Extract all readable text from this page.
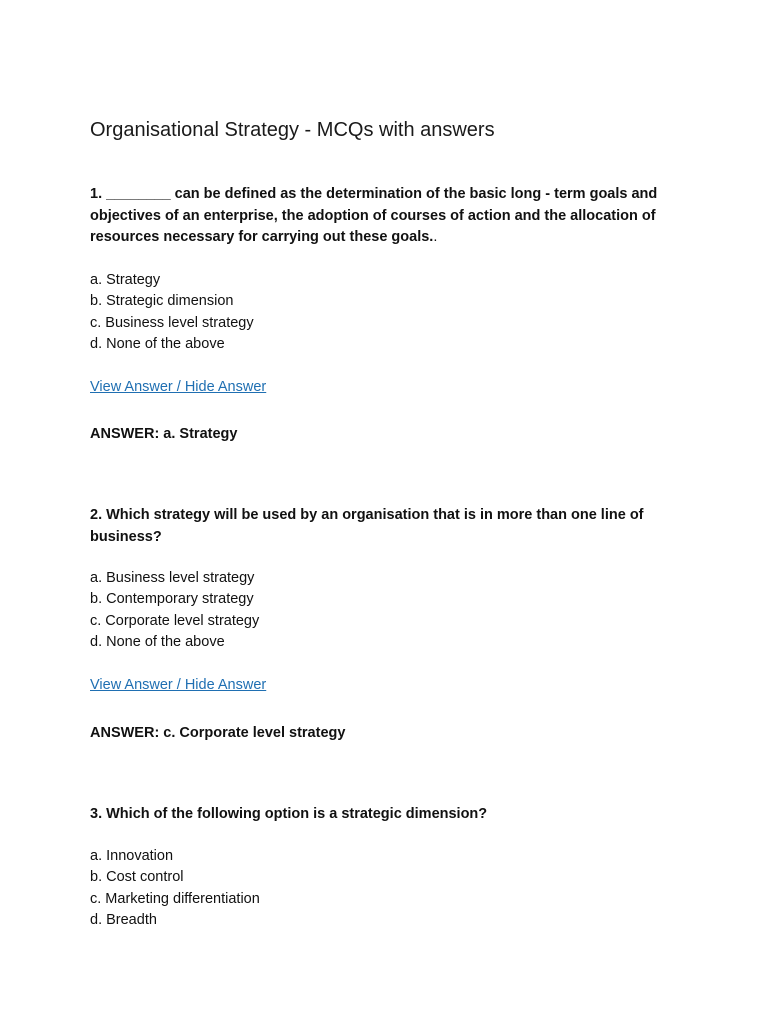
Organisational Strategy - MCQs with answers
1. ________ can be defined as the determination of the basic long - term goals and objectives of an enterprise, the adoption of courses of action and the allocation of resources necessary for carrying out these goals..
a. Strategy
b. Strategic dimension
c. Business level strategy
d. None of the above
View Answer / Hide Answer
ANSWER: a. Strategy
2. Which strategy will be used by an organisation that is in more than one line of business?
a. Business level strategy
b. Contemporary strategy
c. Corporate level strategy
d. None of the above
View Answer / Hide Answer
ANSWER: c. Corporate level strategy
3. Which of the following option is a strategic dimension?
a. Innovation
b. Cost control
c. Marketing differentiation
d. Breadth
